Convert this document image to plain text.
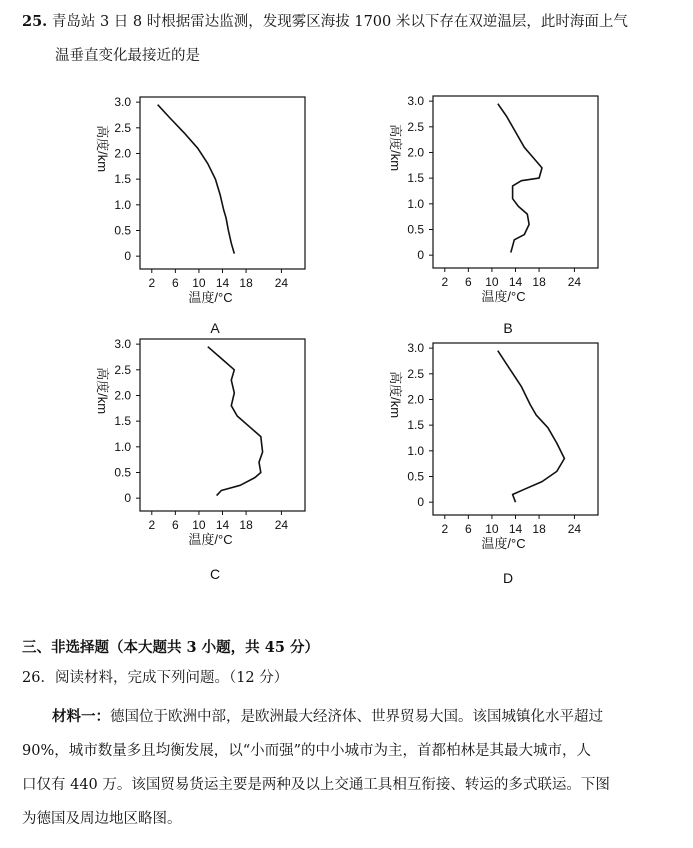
25. 青岛站 3 日 8 时根据雷达监测，发现雾区海拔 1700 米以下存在双逆温层，此时海面上气
温垂直变化最接近的是
0
0.5
1.0
1.5
2.0
2.5
3.0
2 6 10 14 18 24
温度/°C
高度/km
A
0
0.5
1.0
1.5
2.0
2.5
3.0
2 6 10 14 18 24
温度/°C
高度/km
B
0
0.5
1.0
1.5
2.0
2.5
3.0
2 6 10 14 18 24
温度/°C
高度/km
C
0
0.5
1.0
1.5
2.0
2.5
3.0
2 6 10 14 18 24
温度/°C
高度/km
D
三、非选择题（本大题共 3 小题，共 45 分）
26．阅读材料，完成下列问题。（12 分）

材料一：德国位于欧洲中部，是欧洲最大经济体、世界贸易大国。该国城镇化水平超过

90%，城市数量多且均衡发展，以“小而强”的中小城市为主，首都柏林是其最大城市，人

口仅有 440 万。该国贸易货运主要是两种及以上交通工具相互衔接、转运的多式联运。下图

为德国及周边地区略图。
